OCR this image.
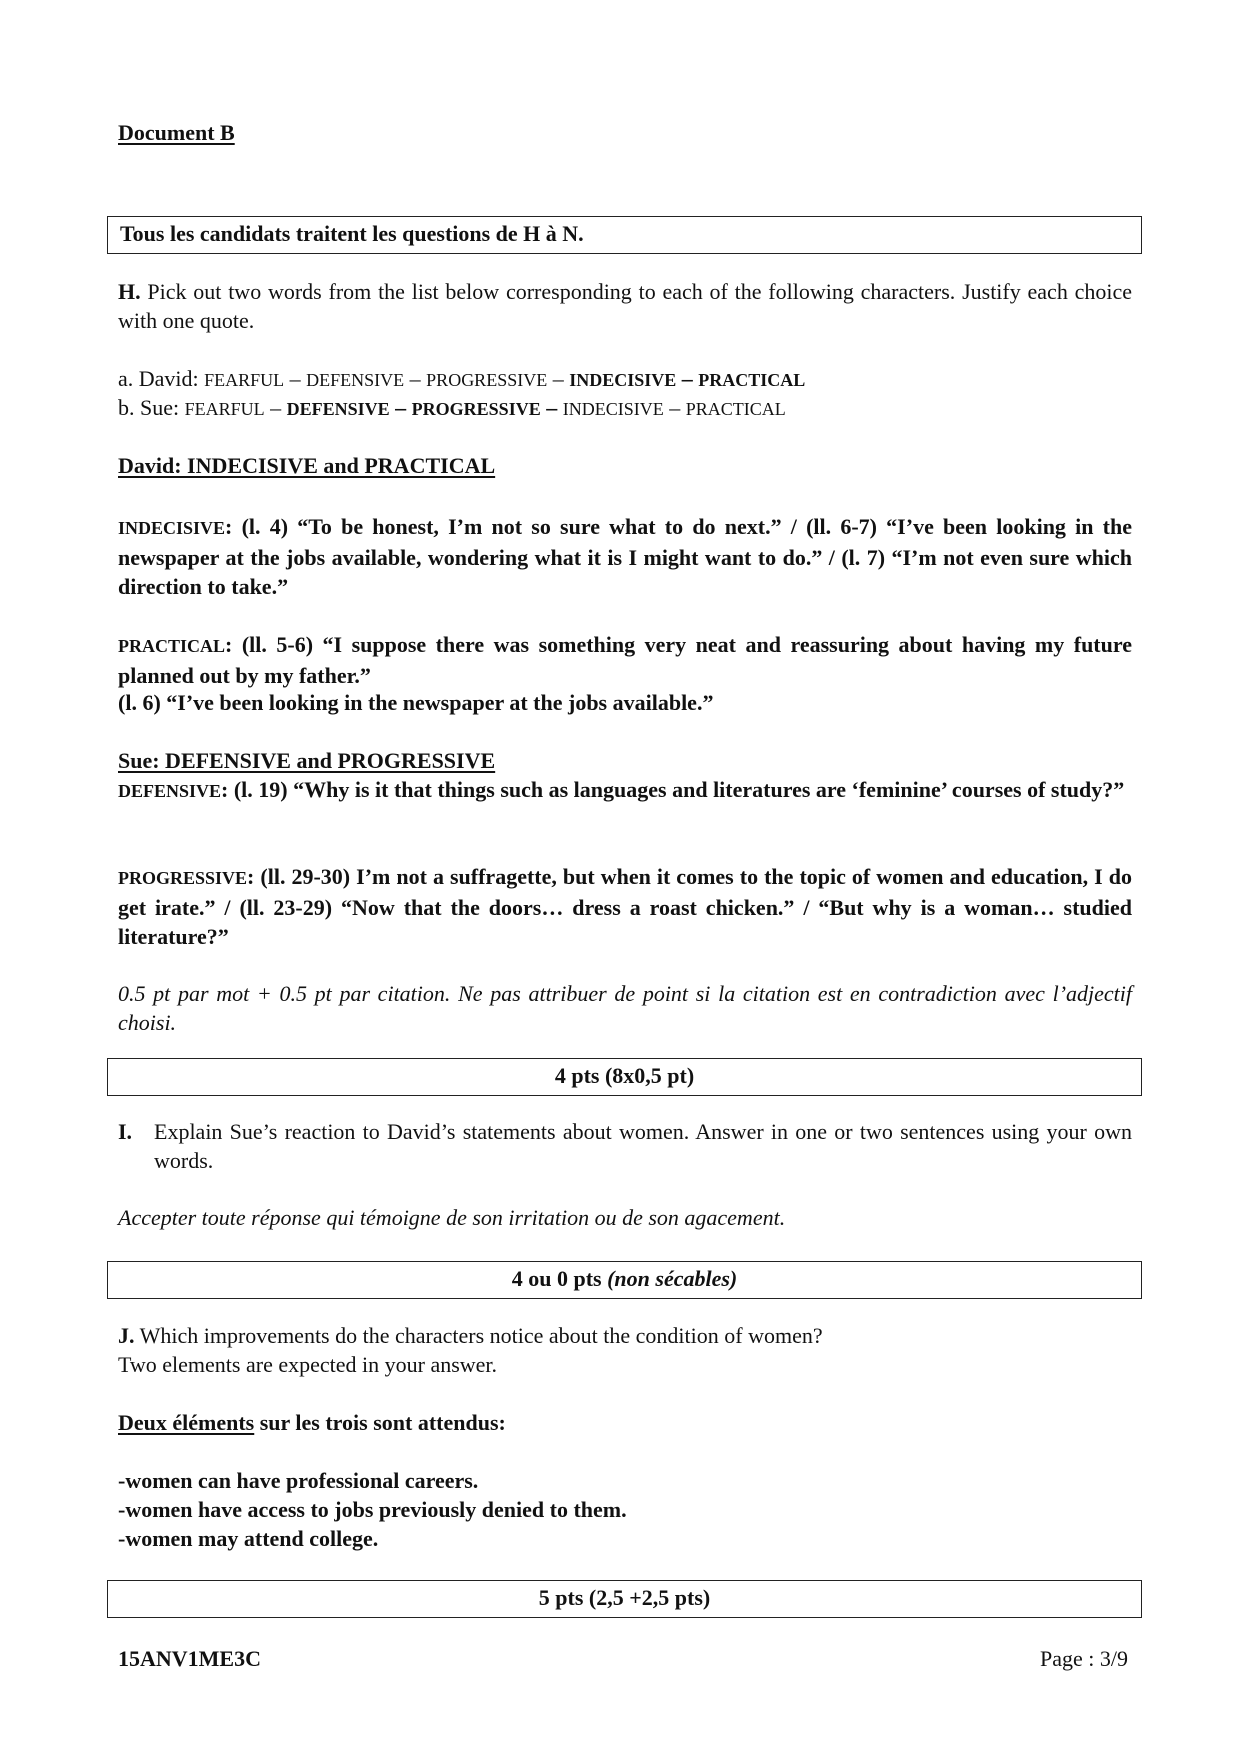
Document B
Tous les candidats traitent les questions de H à N.
H. Pick out two words from the list below corresponding to each of the following characters. Justify each choice with one quote.
a. David: FEARFUL – DEFENSIVE – PROGRESSIVE – INDECISIVE – PRACTICAL
b. Sue: FEARFUL – DEFENSIVE – PROGRESSIVE – INDECISIVE – PRACTICAL
David: INDECISIVE and PRACTICAL
INDECISIVE: (l. 4) “To be honest, I’m not so sure what to do next.” / (ll. 6-7) “I’ve been looking in the newspaper at the jobs available, wondering what it is I might want to do.” / (l. 7) “I’m not even sure which direction to take.”
PRACTICAL: (ll. 5-6) “I suppose there was something very neat and reassuring about having my future planned out by my father.”
(l. 6) “I’ve been looking in the newspaper at the jobs available.”
Sue: DEFENSIVE and PROGRESSIVE
DEFENSIVE: (l. 19) “Why is it that things such as languages and literatures are ‘feminine’ courses of study?”
PROGRESSIVE: (ll. 29-30) I’m not a suffragette, but when it comes to the topic of women and education, I do get irate.” / (ll. 23-29) “Now that the doors… dress a roast chicken.” / “But why is a woman… studied literature?”
0.5 pt par mot + 0.5 pt par citation. Ne pas attribuer de point si la citation est en contradiction avec l’adjectif choisi.
4 pts (8x0,5 pt)
I. Explain Sue’s reaction to David’s statements about women. Answer in one or two sentences using your own words.
Accepter toute réponse qui témoigne de son irritation ou de son agacement.
4 ou 0 pts (non sécables)
J. Which improvements do the characters notice about the condition of women?
Two elements are expected in your answer.
Deux éléments sur les trois sont attendus:
-women can have professional careers.
-women have access to jobs previously denied to them.
-women may attend college.
5 pts (2,5 +2,5 pts)
15ANV1ME3C	Page : 3/9
